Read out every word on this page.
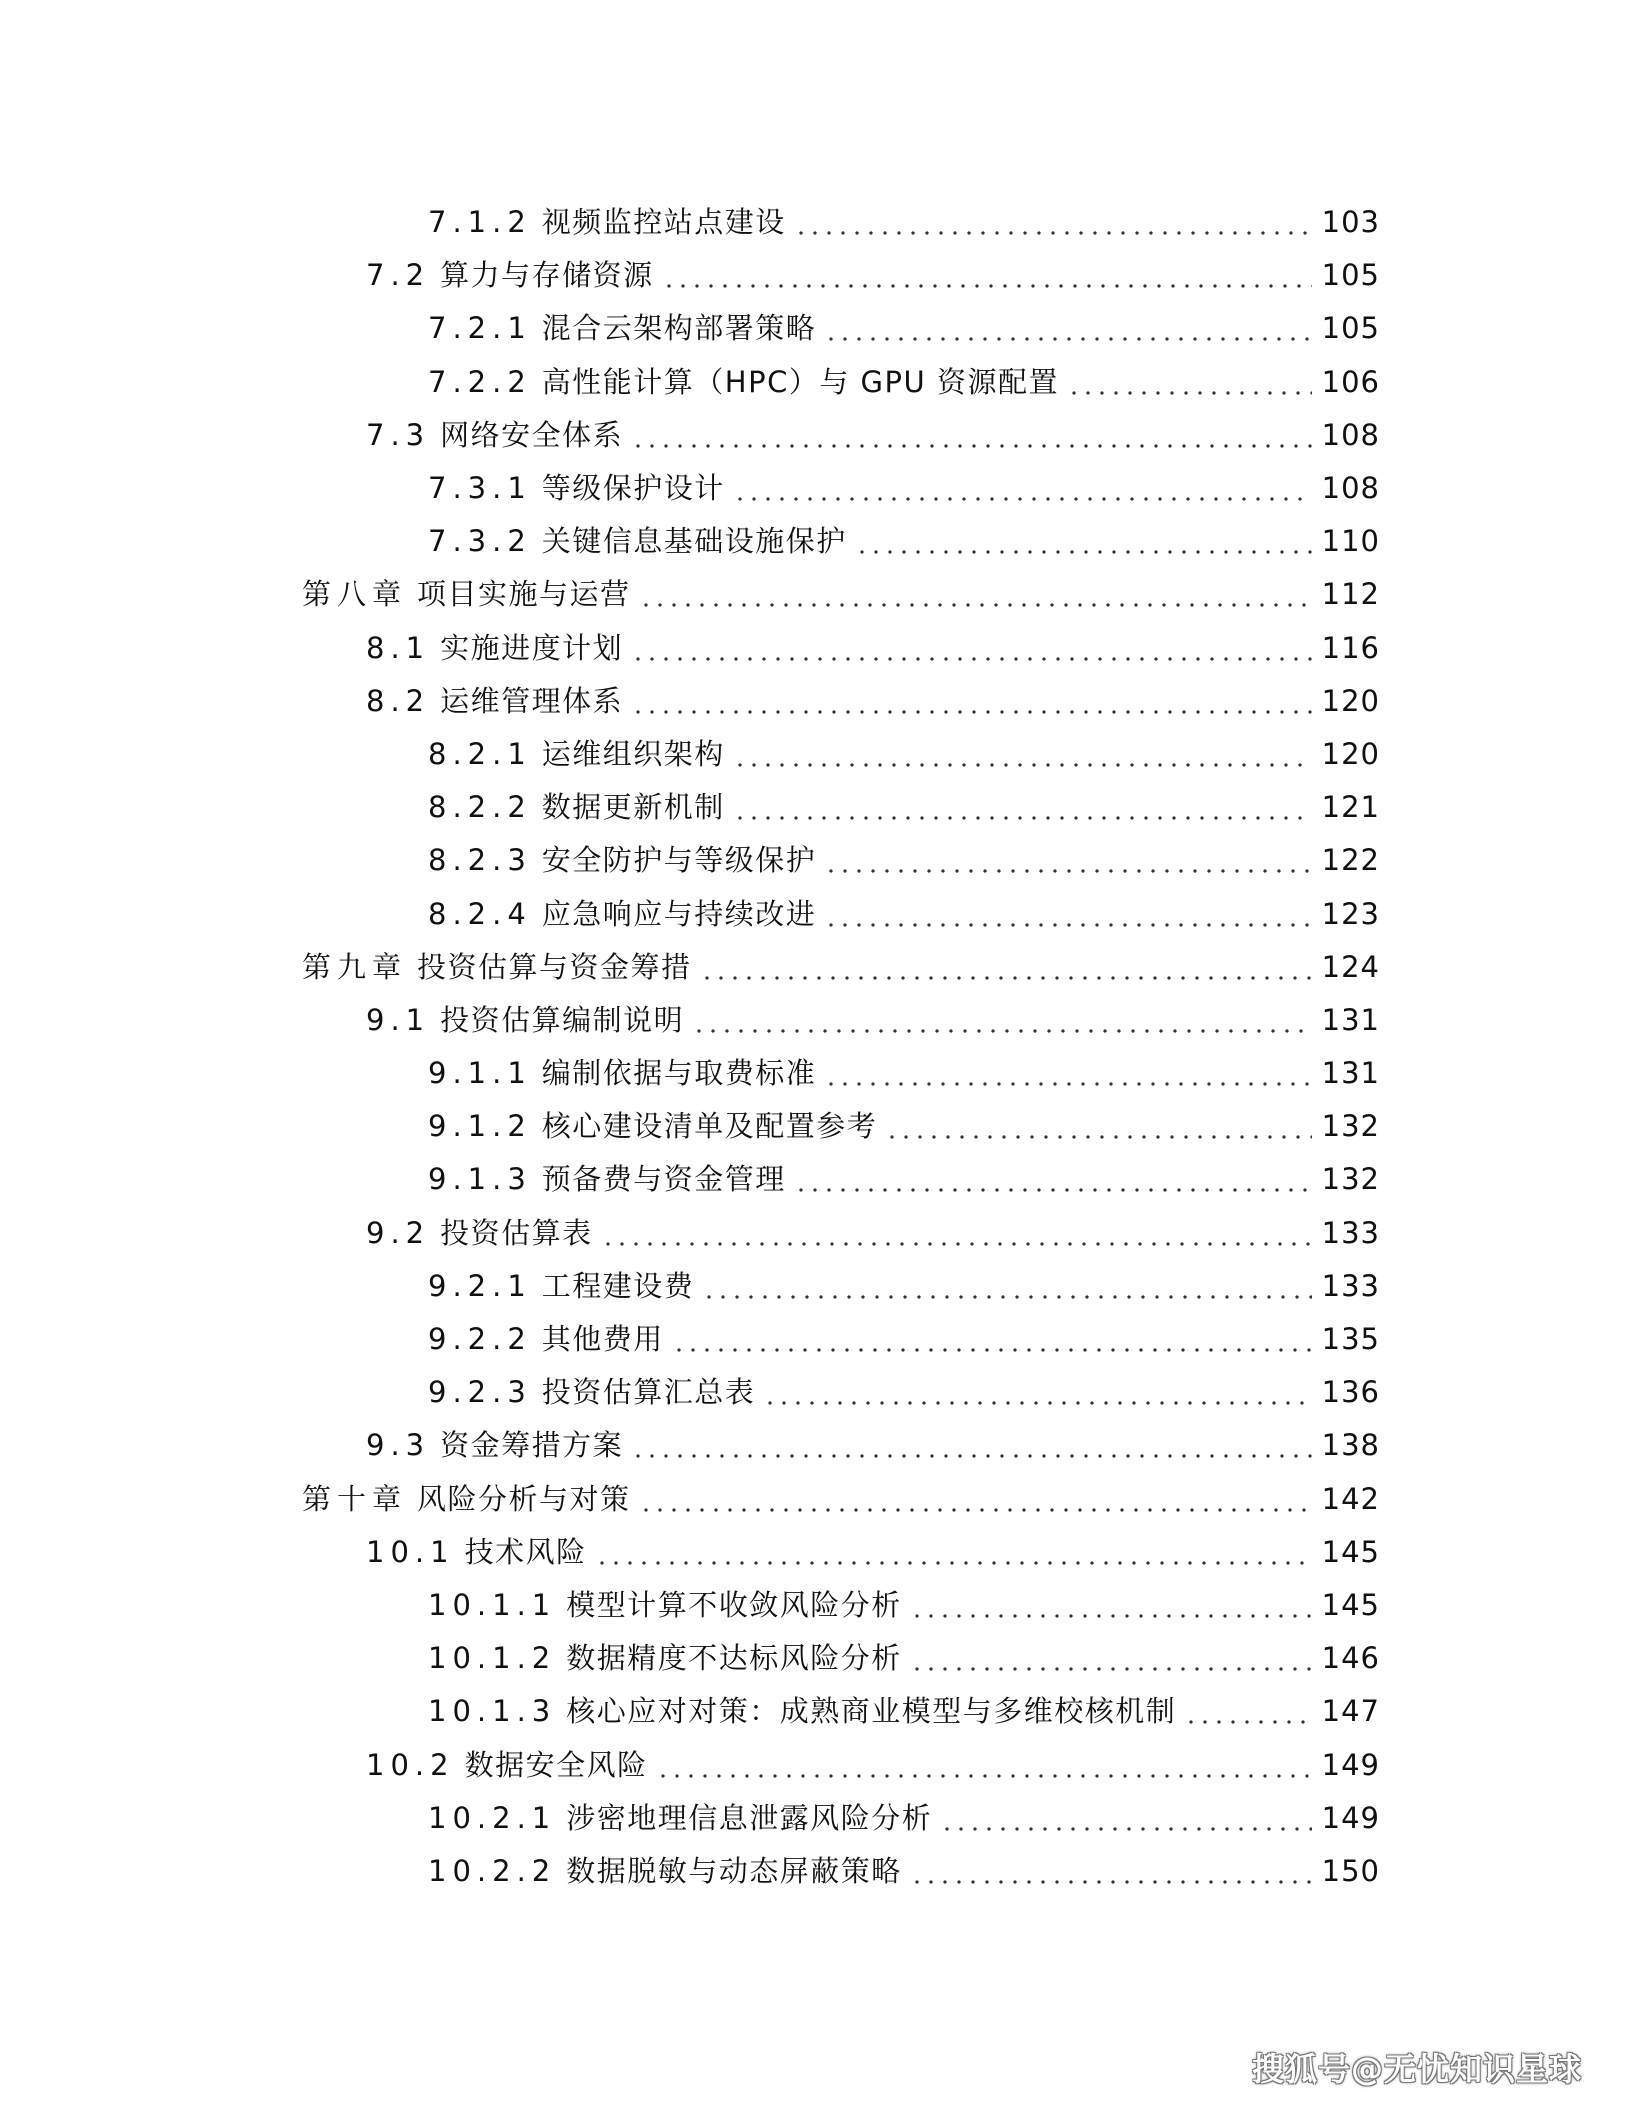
7.1.2 视频监控站点建设	103
7.2 算力与存储资源	105
7.2.1 混合云架构部署策略	105
7.2.2 高性能计算（HPC）与 GPU 资源配置	106
7.3 网络安全体系	108
7.3.1 等级保护设计	108
7.3.2 关键信息基础设施保护	110
第八章 项目实施与运营	112
8.1 实施进度计划	116
8.2 运维管理体系	120
8.2.1 运维组织架构	120
8.2.2 数据更新机制	121
8.2.3 安全防护与等级保护	122
8.2.4 应急响应与持续改进	123
第九章 投资估算与资金筹措	124
9.1 投资估算编制说明	131
9.1.1 编制依据与取费标准	131
9.1.2 核心建设清单及配置参考	132
9.1.3 预备费与资金管理	132
9.2 投资估算表	133
9.2.1 工程建设费	133
9.2.2 其他费用	135
9.2.3 投资估算汇总表	136
9.3 资金筹措方案	138
第十章 风险分析与对策	142
10.1 技术风险	145
10.1.1 模型计算不收敛风险分析	145
10.1.2 数据精度不达标风险分析	146
10.1.3 核心应对对策：成熟商业模型与多维校核机制	147
10.2 数据安全风险	149
10.2.1 涉密地理信息泄露风险分析	149
10.2.2 数据脱敏与动态屏蔽策略	150
搜狐号@无忧知识星球
